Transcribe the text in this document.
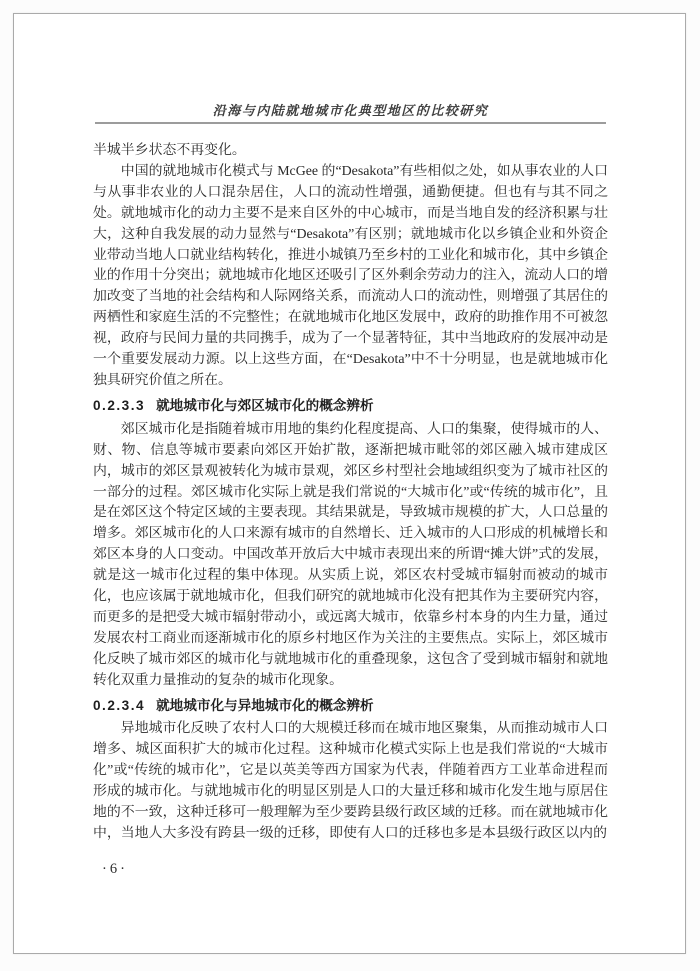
沿海与内陆就地城市化典型地区的比较研究
半城半乡状态不再变化。
中国的就地城市化模式与 McGee 的“Desakota”有些相似之处，如从事农业的人口与从事非农业的人口混杂居住，人口的流动性增强，通勤便捷。但也有与其不同之处。就地城市化的动力主要不是来自区外的中心城市，而是当地自发的经济积累与壮大，这种自我发展的动力显然与“Desakota”有区别；就地城市化以乡镇企业和外资企业带动当地人口就业结构转化，推进小城镇乃至乡村的工业化和城市化，其中乡镇企业的作用十分突出；就地城市化地区还吸引了区外剩余劳动力的注入，流动人口的增加改变了当地的社会结构和人际网络关系，而流动人口的流动性，则增强了其居住的两栖性和家庭生活的不完整性；在就地城市化地区发展中，政府的助推作用不可被忽视，政府与民间力量的共同携手，成为了一个显著特征，其中当地政府的发展冲动是一个重要发展动力源。以上这些方面，在“Desakota”中不十分明显，也是就地城市化独具研究价值之所在。
0.2.3.3 就地城市化与郊区城市化的概念辨析
郊区城市化是指随着城市用地的集约化程度提高、人口的集聚，使得城市的人、财、物、信息等城市要素向郊区开始扩散，逐渐把城市毗邻的郊区融入城市建成区内，城市的郊区景观被转化为城市景观，郊区乡村型社会地域组织变为了城市社区的一部分的过程。郊区城市化实际上就是我们常说的“大城市化”或“传统的城市化”，且是在郊区这个特定区域的主要表现。其结果就是，导致城市规模的扩大，人口总量的增多。郊区城市化的人口来源有城市的自然增长、迁入城市的人口形成的机械增长和郊区本身的人口变动。中国改革开放后大中城市表现出来的所谓“摊大饼”式的发展，就是这一城市化过程的集中体现。从实质上说，郊区农村受城市辐射而被动的城市化，也应该属于就地城市化，但我们研究的就地城市化没有把其作为主要研究内容，而更多的是把受大城市辐射带动小，或远离大城市，依靠乡村本身的内生力量，通过发展农村工商业而逐渐城市化的原乡村地区作为关注的主要焦点。实际上，郊区城市化反映了城市郊区的城市化与就地城市化的重叠现象，这包含了受到城市辐射和就地转化双重力量推动的复杂的城市化现象。
0.2.3.4 就地城市化与异地城市化的概念辨析
异地城市化反映了农村人口的大规模迁移而在城市地区聚集，从而推动城市人口增多、城区面积扩大的城市化过程。这种城市化模式实际上也是我们常说的“大城市化”或“传统的城市化”，它是以英美等西方国家为代表，伴随着西方工业革命进程而形成的城市化。与就地城市化的明显区别是人口的大量迁移和城市化发生地与原居住地的不一致，这种迁移可一般理解为至少要跨县级行政区域的迁移。而在就地城市化中，当地人大多没有跨县一级的迁移，即使有人口的迁移也多是本县级行政区以内的
·6·
